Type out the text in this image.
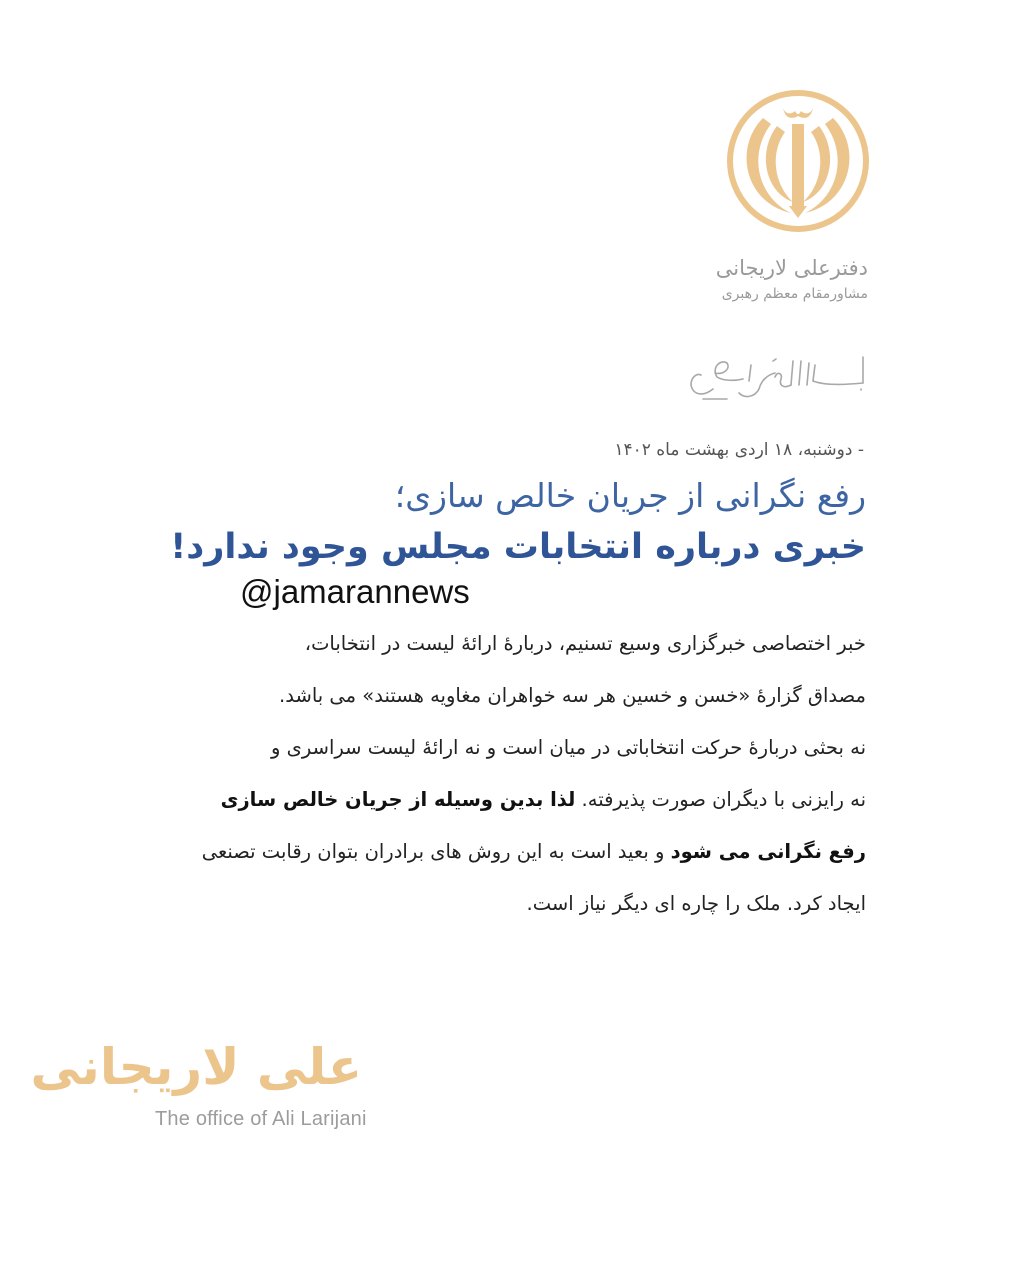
دفترعلی لاریجانی
مشاورمقام معظم رهبری
- دوشنبه، ۱۸ اردی بهشت ماه ۱۴۰۲
رفع نگرانی از جریان خالص سازی؛
خبری درباره انتخابات مجلس وجود ندارد!
@jamarannews
خبر اختصاصی خبرگزاری وسیع تسنیم، دربارهٔ ارائهٔ لیست در انتخابات،
مصداق گزارهٔ «خسن و خسین هر سه خواهران مغاویه هستند» می باشد.
نه بحثی دربارهٔ حرکت انتخاباتی در میان است و نه ارائهٔ لیست سراسری و
نه رایزنی با دیگران صورت پذیرفته. لذا بدین وسیله از جریان خالص سازی
رفع نگرانی می شود و بعید است به این روش های برادران بتوان رقابت تصنعی
ایجاد کرد. ملک را چاره ای دیگر نیاز است.
علی لاریجانی
The office of Ali Larijani
